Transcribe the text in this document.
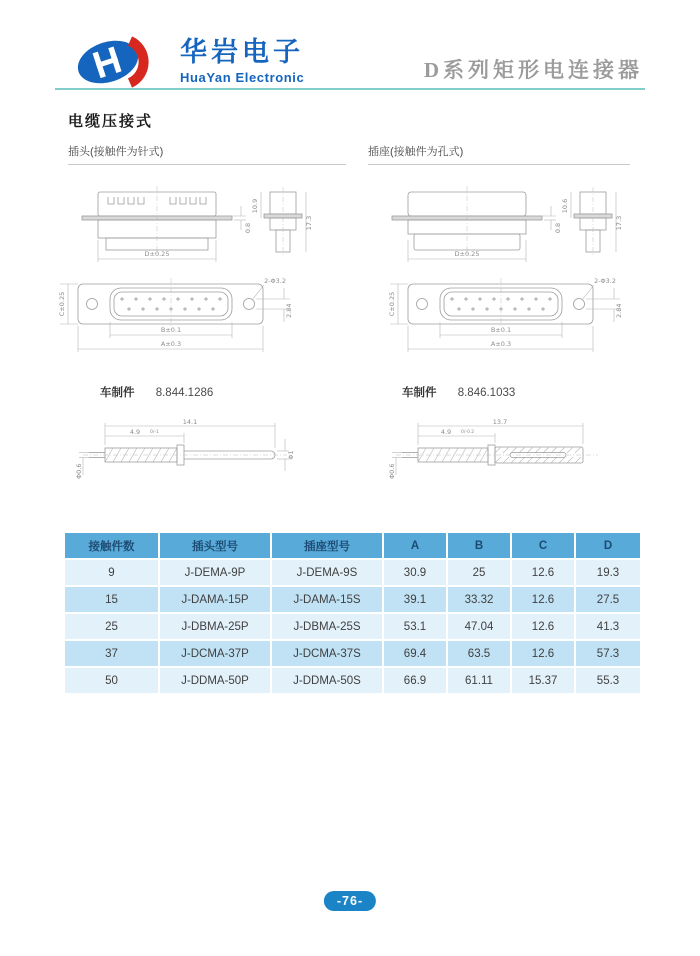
华岩电子
HuaYan Electronic	D系列矩形电连接器
电缆压接式
插头(接触件为针式)	插座(接触件为孔式)
D±0.25
0.8
10.9
17.3
D±0.25
0.8
10.6
17.3
C±0.25
B±0.1
A±0.3
2-Φ3.2
2.84	C±0.25
B±0.1
A±0.3
2-Φ3.2
2.84
车制件 8.844.1286	车制件 8.846.1033
14.1
4.9 0/-1
Φ1
Φ0.6
13.7
4.9 0/-0.2
Φ0.6
接触件数	插头型号	插座型号	A	B	C	D
9	J-DEMA-9P	J-DEMA-9S	30.9	25	12.6	19.3
15	J-DAMA-15P	J-DAMA-15S	39.1	33.32	12.6	27.5
25	J-DBMA-25P	J-DBMA-25S	53.1	47.04	12.6	41.3
37	J-DCMA-37P	J-DCMA-37S	69.4	63.5	12.6	57.3
50	J-DDMA-50P	J-DDMA-50S	66.9	61.11	15.37	55.3
-76-
